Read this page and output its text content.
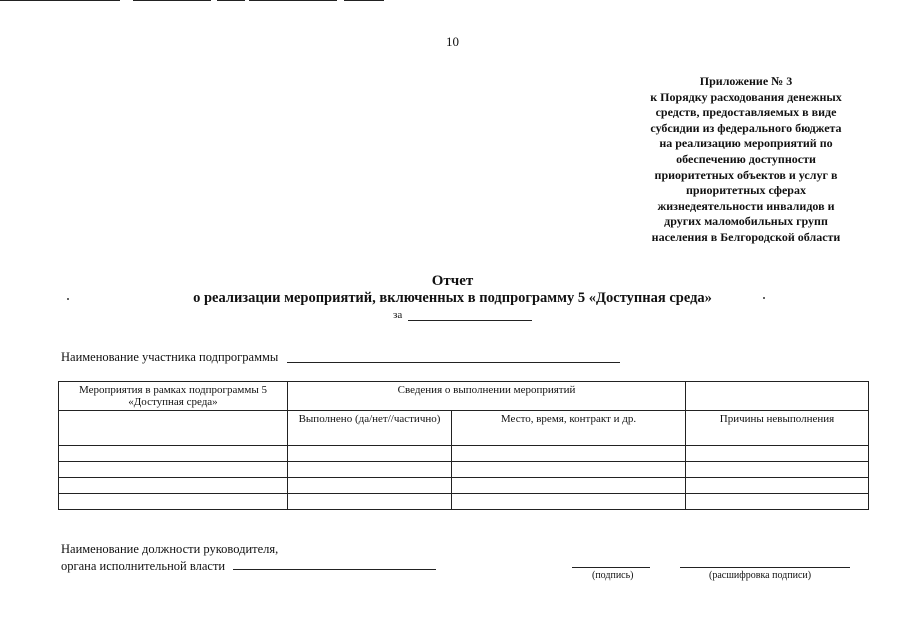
10
Приложение № 3
к Порядку расходования денежных
средств, предоставляемых в виде
субсидии из федерального бюджета
на реализацию мероприятий по
обеспечению доступности
приоритетных объектов и услуг в
приоритетных сферах
жизнедеятельности инвалидов и
других маломобильных групп
населения в Белгородской области
Отчет
о реализации мероприятий, включенных в подпрограмму 5 «Доступная среда»
за
Наименование участника подпрограммы
Мероприятия в рамках подпрограммы 5 «Доступная среда»	Сведения о выполнении мероприятий		
	Выполнено (да/нет//частично)	Место, время, контракт и др.	Причины невыполнения

Наименование должности руководителя,
органа исполнительной власти
(подпись)	(расшифровка подписи)
